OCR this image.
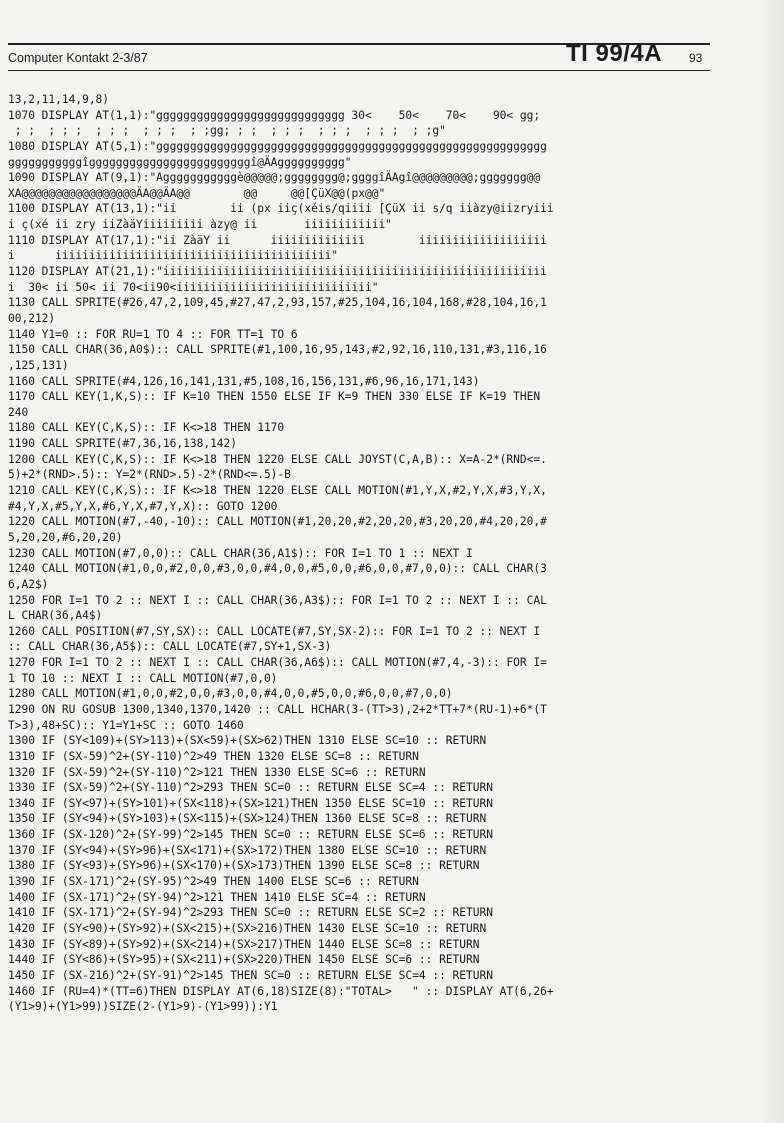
Computer Kontakt 2-3/87	TI 99/4A 93
13,2,11,14,9,8)
1070 DISPLAY AT(1,1):"gggggggggggggggggggggggggggg 30<    50<    70<    90< gg;
; ;  ; ; ;  ; ; ;  ; ; ;  ; ;gg; ; ;  ; ; ;  ; ; ;  ; ; ;  ; ;g"
1080 DISPLAY AT(5,1):"gggggggggggggggggggggggggggggggggggggggggggggggggggggggggg
gggggggggggîggggggggggggggggggggggggî@ÄAgggggggggg"
1090 DISPLAY AT(9,1):"Agggggggggggè@@@@@;gggggggg@;ggggîÄAgî@@@@@@@@@;ggggggg@@
XA@@@@@@@@@@@@@@@@@ÄA@@ÄA@@        @@     @@[ÇüX@@(px@@"
1100 DISPLAY AT(13,1):"ii        ii (px iiç(xéis/qiiii [ÇüX ii s/q iiàzy@iizryiii
i ç(xé ii zry iiZàäYiiiiiiiii àzy@ ii       iiiiiiiiiiii"
1110 DISPLAY AT(17,1):"ii ZàäY ii      iiiiiiiiiiiiii        iiiiiiiiiiiiiiiiiii
i      iiiiiiiiiiiiiiiiiiiiiiiiiiiiiiiiiiiiiiiii"
1120 DISPLAY AT(21,1):"iiiiiiiiiiiiiiiiiiiiiiiiiiiiiiiiiiiiiiiiiiiiiiiiiiiiiiiii
i  30< ii 50< ii 70<ii90<iiiiiiiiiiiiiiiiiiiiiiiiiiiii"
1130 CALL SPRITE(#26,47,2,109,45,#27,47,2,93,157,#25,104,16,104,168,#28,104,16,1
00,212)
1140 Y1=0 :: FOR RU=1 TO 4 :: FOR TT=1 TO 6
1150 CALL CHAR(36,A0$):: CALL SPRITE(#1,100,16,95,143,#2,92,16,110,131,#3,116,16
,125,131)
1160 CALL SPRITE(#4,126,16,141,131,#5,108,16,156,131,#6,96,16,171,143)
1170 CALL KEY(1,K,S):: IF K=10 THEN 1550 ELSE IF K=9 THEN 330 ELSE IF K=19 THEN
240
1180 CALL KEY(C,K,S):: IF K<>18 THEN 1170
1190 CALL SPRITE(#7,36,16,138,142)
1200 CALL KEY(C,K,S):: IF K<>18 THEN 1220 ELSE CALL JOYST(C,A,B):: X=A-2*(RND<=.
5)+2*(RND>.5):: Y=2*(RND>.5)-2*(RND<=.5)-B
1210 CALL KEY(C,K,S):: IF K<>18 THEN 1220 ELSE CALL MOTION(#1,Y,X,#2,Y,X,#3,Y,X,
#4,Y,X,#5,Y,X,#6,Y,X,#7,Y,X):: GOTO 1200
1220 CALL MOTION(#7,-40,-10):: CALL MOTION(#1,20,20,#2,20,20,#3,20,20,#4,20,20,#
5,20,20,#6,20,20)
1230 CALL MOTION(#7,0,0):: CALL CHAR(36,A1$):: FOR I=1 TO 1 :: NEXT I
1240 CALL MOTION(#1,0,0,#2,0,0,#3,0,0,#4,0,0,#5,0,0,#6,0,0,#7,0,0):: CALL CHAR(3
6,A2$)
1250 FOR I=1 TO 2 :: NEXT I :: CALL CHAR(36,A3$):: FOR I=1 TO 2 :: NEXT I :: CAL
L CHAR(36,A4$)
1260 CALL POSITION(#7,SY,SX):: CALL LOCATE(#7,SY,SX-2):: FOR I=1 TO 2 :: NEXT I
:: CALL CHAR(36,A5$):: CALL LOCATE(#7,SY+1,SX-3)
1270 FOR I=1 TO 2 :: NEXT I :: CALL CHAR(36,A6$):: CALL MOTION(#7,4,-3):: FOR I=
1 TO 10 :: NEXT I :: CALL MOTION(#7,0,0)
1280 CALL MOTION(#1,0,0,#2,0,0,#3,0,0,#4,0,0,#5,0,0,#6,0,0,#7,0,0)
1290 ON RU GOSUB 1300,1340,1370,1420 :: CALL HCHAR(3-(TT>3),2+2*TT+7*(RU-1)+6*(T
T>3),48+SC):: Y1=Y1+SC :: GOTO 1460
1300 IF (SY<109)+(SY>113)+(SX<59)+(SX>62)THEN 1310 ELSE SC=10 :: RETURN
1310 IF (SX-59)^2+(SY-110)^2>49 THEN 1320 ELSE SC=8 :: RETURN
1320 IF (SX-59)^2+(SY-110)^2>121 THEN 1330 ELSE SC=6 :: RETURN
1330 IF (SX-59)^2+(SY-110)^2>293 THEN SC=0 :: RETURN ELSE SC=4 :: RETURN
1340 IF (SY<97)+(SY>101)+(SX<118)+(SX>121)THEN 1350 ELSE SC=10 :: RETURN
1350 IF (SY<94)+(SY>103)+(SX<115)+(SX>124)THEN 1360 ELSE SC=8 :: RETURN
1360 IF (SX-120)^2+(SY-99)^2>145 THEN SC=0 :: RETURN ELSE SC=6 :: RETURN
1370 IF (SY<94)+(SY>96)+(SX<171)+(SX>172)THEN 1380 ELSE SC=10 :: RETURN
1380 IF (SY<93)+(SY>96)+(SX<170)+(SX>173)THEN 1390 ELSE SC=8 :: RETURN
1390 IF (SX-171)^2+(SY-95)^2>49 THEN 1400 ELSE SC=6 :: RETURN
1400 IF (SX-171)^2+(SY-94)^2>121 THEN 1410 ELSE SC=4 :: RETURN
1410 IF (SX-171)^2+(SY-94)^2>293 THEN SC=0 :: RETURN ELSE SC=2 :: RETURN
1420 IF (SY<90)+(SY>92)+(SX<215)+(SX>216)THEN 1430 ELSE SC=10 :: RETURN
1430 IF (SY<89)+(SY>92)+(SX<214)+(SX>217)THEN 1440 ELSE SC=8 :: RETURN
1440 IF (SY<86)+(SY>95)+(SX<211)+(SX>220)THEN 1450 ELSE SC=6 :: RETURN
1450 IF (SX-216)^2+(SY-91)^2>145 THEN SC=0 :: RETURN ELSE SC=4 :: RETURN
1460 IF (RU=4)*(TT=6)THEN DISPLAY AT(6,18)SIZE(8):"TOTAL>   " :: DISPLAY AT(6,26+
(Y1>9)+(Y1>99))SIZE(2-(Y1>9)-(Y1>99)):Y1
